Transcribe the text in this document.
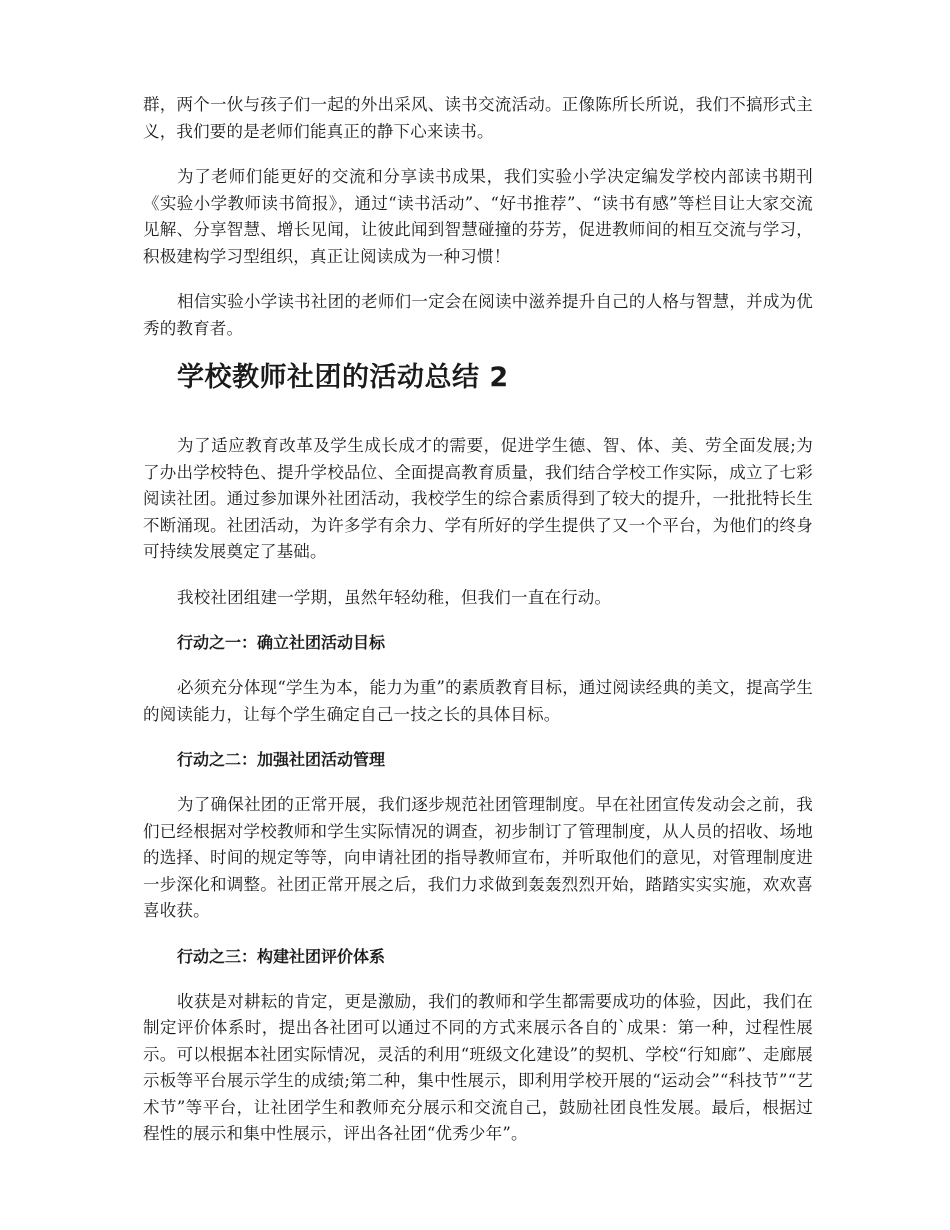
群，两个一伙与孩子们一起的外出采风、读书交流活动。正像陈所长所说，我们不搞形式主义，我们要的是老师们能真正的静下心来读书。

为了老师们能更好的交流和分享读书成果，我们实验小学决定编发学校内部读书期刊《实验小学教师读书简报》，通过“读书活动”、“好书推荐”、“读书有感”等栏目让大家交流见解、分享智慧、增长见闻，让彼此闻到智慧碰撞的芬芳，促进教师间的相互交流与学习，积极建构学习型组织，真正让阅读成为一种习惯！

相信实验小学读书社团的老师们一定会在阅读中滋养提升自己的人格与智慧，并成为优秀的教育者。

学校教师社团的活动总结 2

为了适应教育改革及学生成长成才的需要，促进学生德、智、体、美、劳全面发展;为了办出学校特色、提升学校品位、全面提高教育质量，我们结合学校工作实际，成立了七彩阅读社团。通过参加课外社团活动，我校学生的综合素质得到了较大的提升，一批批特长生不断涌现。社团活动，为许多学有余力、学有所好的学生提供了又一个平台，为他们的终身可持续发展奠定了基础。

我校社团组建一学期，虽然年轻幼稚，但我们一直在行动。

行动之一：确立社团活动目标

必须充分体现“学生为本，能力为重”的素质教育目标，通过阅读经典的美文，提高学生的阅读能力，让每个学生确定自己一技之长的具体目标。

行动之二：加强社团活动管理

为了确保社团的正常开展，我们逐步规范社团管理制度。早在社团宣传发动会之前，我们已经根据对学校教师和学生实际情况的调查，初步制订了管理制度，从人员的招收、场地的选择、时间的规定等等，向申请社团的指导教师宣布，并听取他们的意见，对管理制度进一步深化和调整。社团正常开展之后，我们力求做到轰轰烈烈开始，踏踏实实实施，欢欢喜喜收获。

行动之三：构建社团评价体系

收获是对耕耘的肯定，更是激励，我们的教师和学生都需要成功的体验，因此，我们在制定评价体系时，提出各社团可以通过不同的方式来展示各自的`成果：第一种，过程性展示。可以根据本社团实际情况，灵活的利用“班级文化建设”的契机、学校“行知廊”、走廊展示板等平台展示学生的成绩;第二种，集中性展示，即利用学校开展的“运动会”“科技节”“艺术节”等平台，让社团学生和教师充分展示和交流自己，鼓励社团良性发展。最后，根据过程性的展示和集中性展示，评出各社团“优秀少年”。
